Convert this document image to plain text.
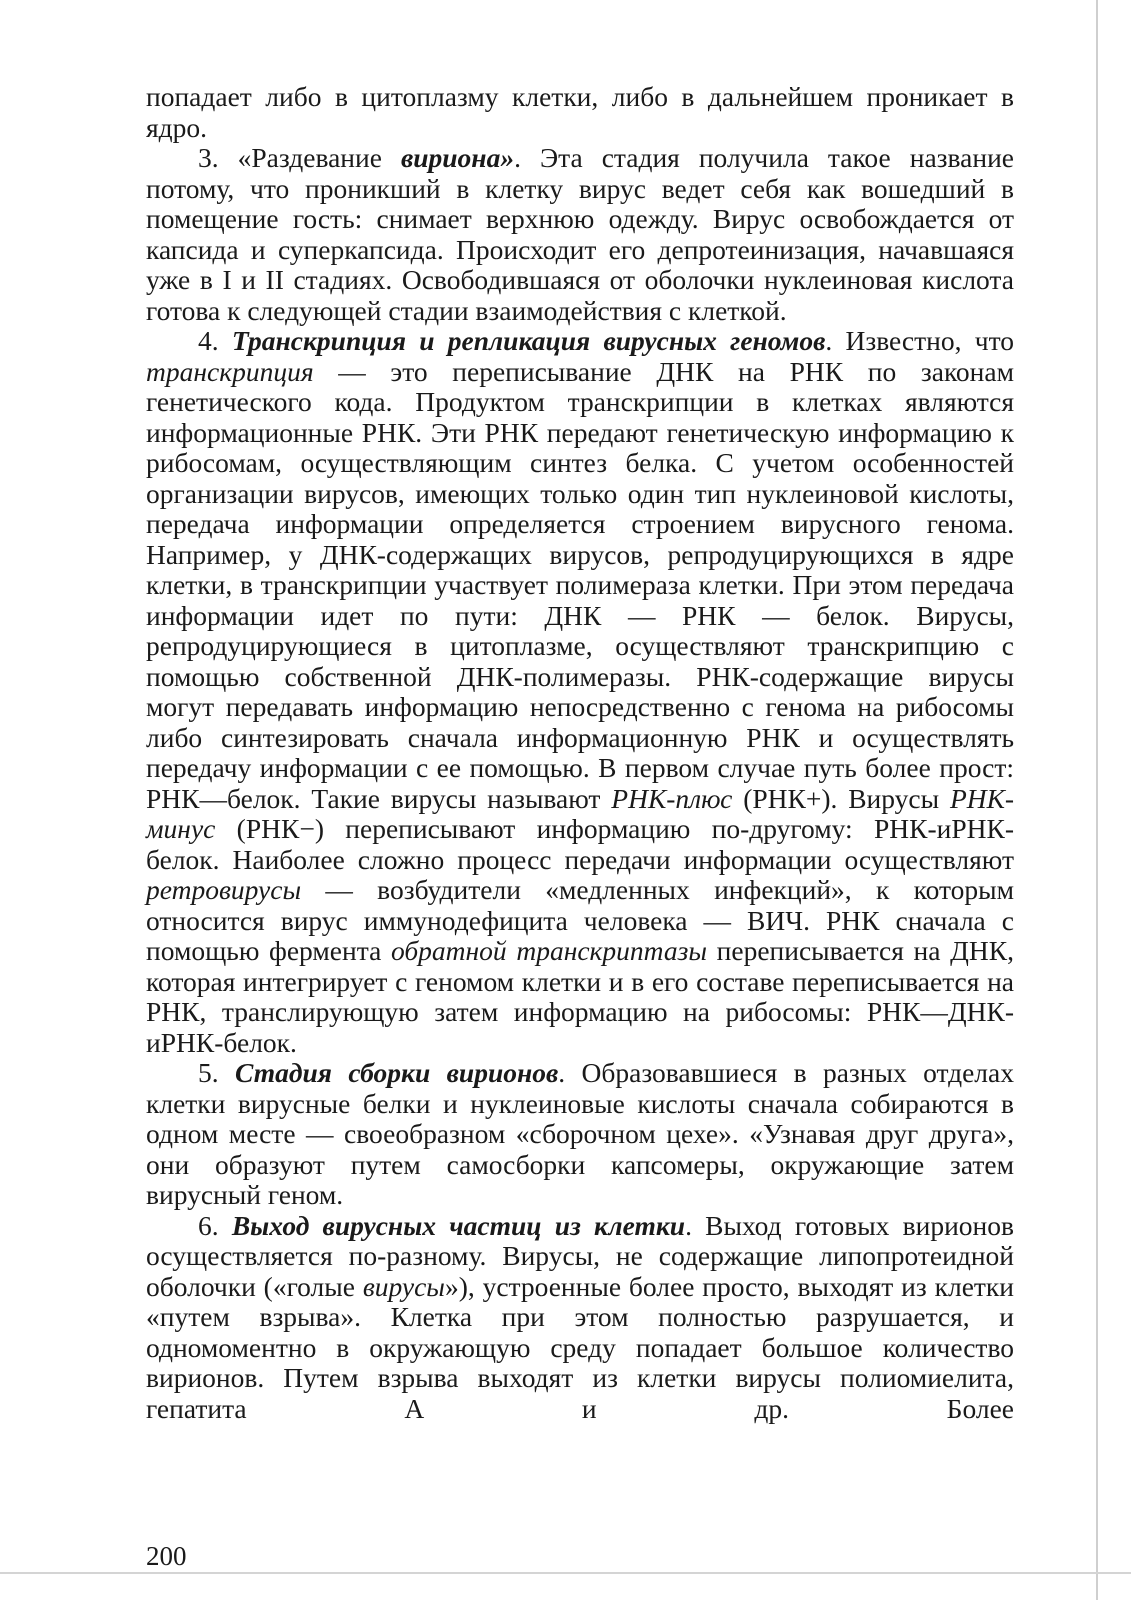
попадает либо в цитоплазму клетки, либо в дальнейшем проникает в ядро.

3. «Раздевание вириона». Эта стадия получила такое название потому, что проникший в клетку вирус ведет себя как вошедший в помещение гость: снимает верхнюю одежду. Вирус освобождается от капсида и суперкапсида. Происходит его депротеинизация, начавшаяся уже в I и II стадиях. Освободившаяся от оболочки нуклеиновая кислота готова к следующей стадии взаимодействия с клеткой.

4. Транскрипция и репликация вирусных геномов. Известно, что транскрипция — это переписывание ДНК на РНК по законам генетического кода. Продуктом транскрипции в клетках являются информационные РНК. Эти РНК передают генетическую информацию к рибосомам, осуществляющим синтез белка. С учетом особенностей организации вирусов, имеющих только один тип нуклеиновой кислоты, передача информации определяется строением вирусного генома. Например, у ДНК-содержащих вирусов, репродуцирующихся в ядре клетки, в транскрипции участвует полимераза клетки. При этом передача информации идет по пути: ДНК — РНК — белок. Вирусы, репродуцирующиеся в цитоплазме, осуществляют транскрипцию с помощью собственной ДНК-полимеразы. РНК-содержащие вирусы могут передавать информацию непосредственно с генома на рибосомы либо синтезировать сначала информационную РНК и осуществлять передачу информации с ее помощью. В первом случае путь более прост: РНК—белок. Такие вирусы называют РНК-плюс (РНК+). Вирусы РНК-минус (РНК−) переписывают информацию по-другому: РНК-иРНК-белок. Наиболее сложно процесс передачи информации осуществляют ретровирусы — возбудители «медленных инфекций», к которым относится вирус иммунодефицита человека — ВИЧ. РНК сначала с помощью фермента обратной транскриптазы переписывается на ДНК, которая интегрирует с геномом клетки и в его составе переписывается на РНК, транслирующую затем информацию на рибосомы: РНК—ДНК- иРНК-белок.

5. Стадия сборки вирионов. Образовавшиеся в разных отделах клетки вирусные белки и нуклеиновые кислоты сначала собираются в одном месте — своеобразном «сборочном цехе». «Узнавая друг друга», они образуют путем самосборки капсомеры, окружающие затем вирусный геном.

6. Выход вирусных частиц из клетки. Выход готовых вирионов осуществляется по-разному. Вирусы, не содержащие липопротеидной оболочки («голые вирусы»), устроенные более просто, выходят из клетки «путем взрыва». Клетка при этом полностью разрушается, и одномоментно в окружающую среду попадает большое количество вирионов. Путем взрыва выходят из клетки вирусы полиомиелита, гепатита А и др. Более

200
